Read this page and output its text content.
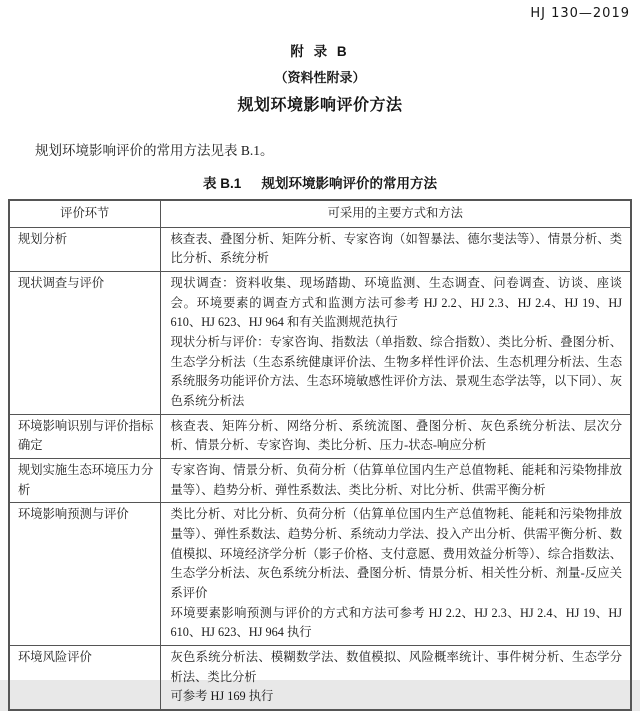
HJ 130—2019
附 录 B
（资料性附录）
规划环境影响评价方法

规划环境影响评价的常用方法见表 B.1。

表 B.1 规划环境影响评价的常用方法
评价环节	可采用的主要方式和方法
规划分析	核查表、叠图分析、矩阵分析、专家咨询（如智暴法、德尔斐法等）、情景分析、类比分析、系统分析

现状调查与评价	现状调查：资料收集、现场踏勘、环境监测、生态调查、问卷调查、访谈、座谈会。环境要素的调查方式和监测方法可参考 HJ 2.2、HJ 2.3、HJ 2.4、HJ 19、HJ 610、HJ 623、HJ 964 和有关监测规范执行

现状分析与评价：专家咨询、指数法（单指数、综合指数）、类比分析、叠图分析、生态学分析法（生态系统健康评价法、生物多样性评价法、生态机理分析法、生态系统服务功能评价方法、生态环境敏感性评价方法、景观生态学法等，以下同）、灰色系统分析法

环境影响识别与评价指标确定	核查表、矩阵分析、网络分析、系统流图、叠图分析、灰色系统分析法、层次分析、情景分析、专家咨询、类比分析、压力-状态-响应分析

规划实施生态环境压力分析	专家咨询、情景分析、负荷分析（估算单位国内生产总值物耗、能耗和污染物排放量等）、趋势分析、弹性系数法、类比分析、对比分析、供需平衡分析

环境影响预测与评价	类比分析、对比分析、负荷分析（估算单位国内生产总值物耗、能耗和污染物排放量等）、弹性系数法、趋势分析、系统动力学法、投入产出分析、供需平衡分析、数值模拟、环境经济学分析（影子价格、支付意愿、费用效益分析等）、综合指数法、生态学分析法、灰色系统分析法、叠图分析、情景分析、相关性分析、剂量-反应关系评价

环境要素影响预测与评价的方式和方法可参考 HJ 2.2、HJ 2.3、HJ 2.4、HJ 19、HJ 610、HJ 623、HJ 964 执行

环境风险评价	灰色系统分析法、模糊数学法、数值模拟、风险概率统计、事件树分析、生态学分析法、类比分析

可参考 HJ 169 执行
